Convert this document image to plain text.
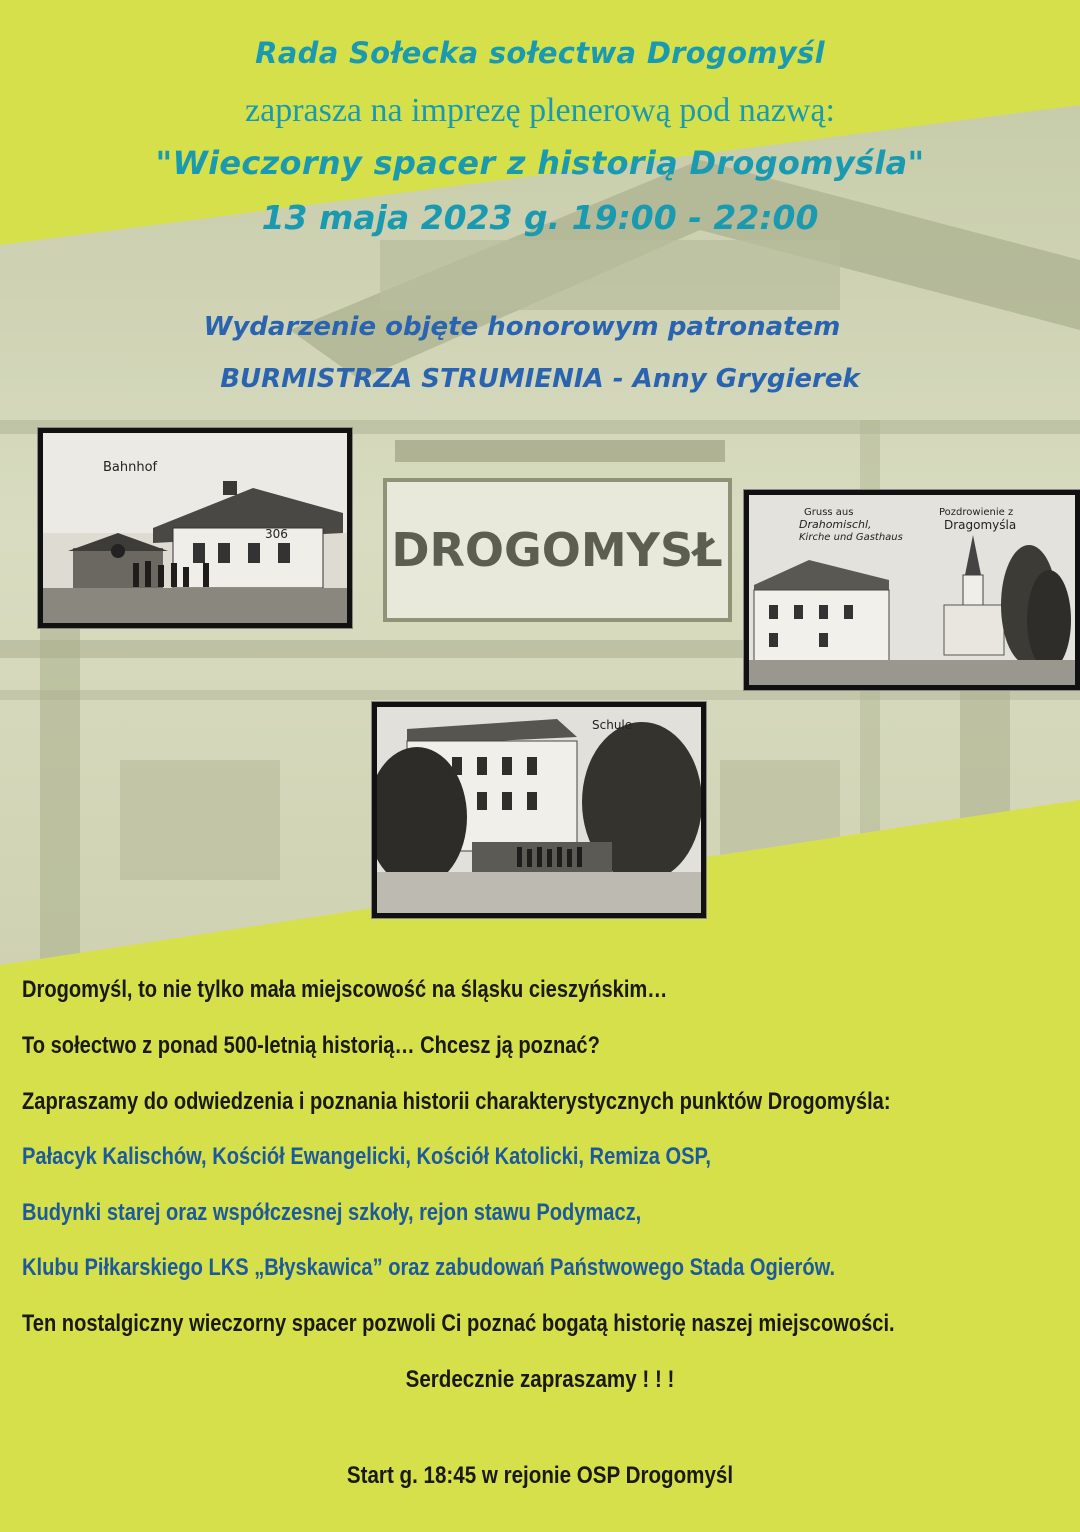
DROGOMYSŁ
Rada Sołecka sołectwa Drogomyśl
zaprasza na imprezę plenerową pod nazwą:
"Wieczorny spacer z historią Drogomyśla"
13 maja 2023 g. 19:00 - 22:00
Wydarzenie objęte honorowym patronatem
BURMISTRZA STRUMIENIA - Anny Grygierek
Bahnhof
306
Gruss aus
Drahomischl,
Kirche und Gasthaus
Pozdrowienie z
Dragomyśla
Schule
Drogomyśl, to nie tylko mała miejscowość na śląsku cieszyńskim…
To sołectwo z ponad 500-letnią historią… Chcesz ją poznać?
Zapraszamy do odwiedzenia i poznania historii charakterystycznych punktów Drogomyśla:
Pałacyk Kalischów, Kościół Ewangelicki, Kościół Katolicki, Remiza OSP,
Budynki starej oraz współczesnej szkoły, rejon stawu Podymacz,
Klubu Piłkarskiego LKS „Błyskawica” oraz zabudowań Państwowego Stada Ogierów.
Ten nostalgiczny wieczorny spacer pozwoli Ci poznać bogatą historię naszej miejscowości.
Serdecznie zapraszamy ! ! !
Start g. 18:45 w rejonie OSP Drogomyśl
